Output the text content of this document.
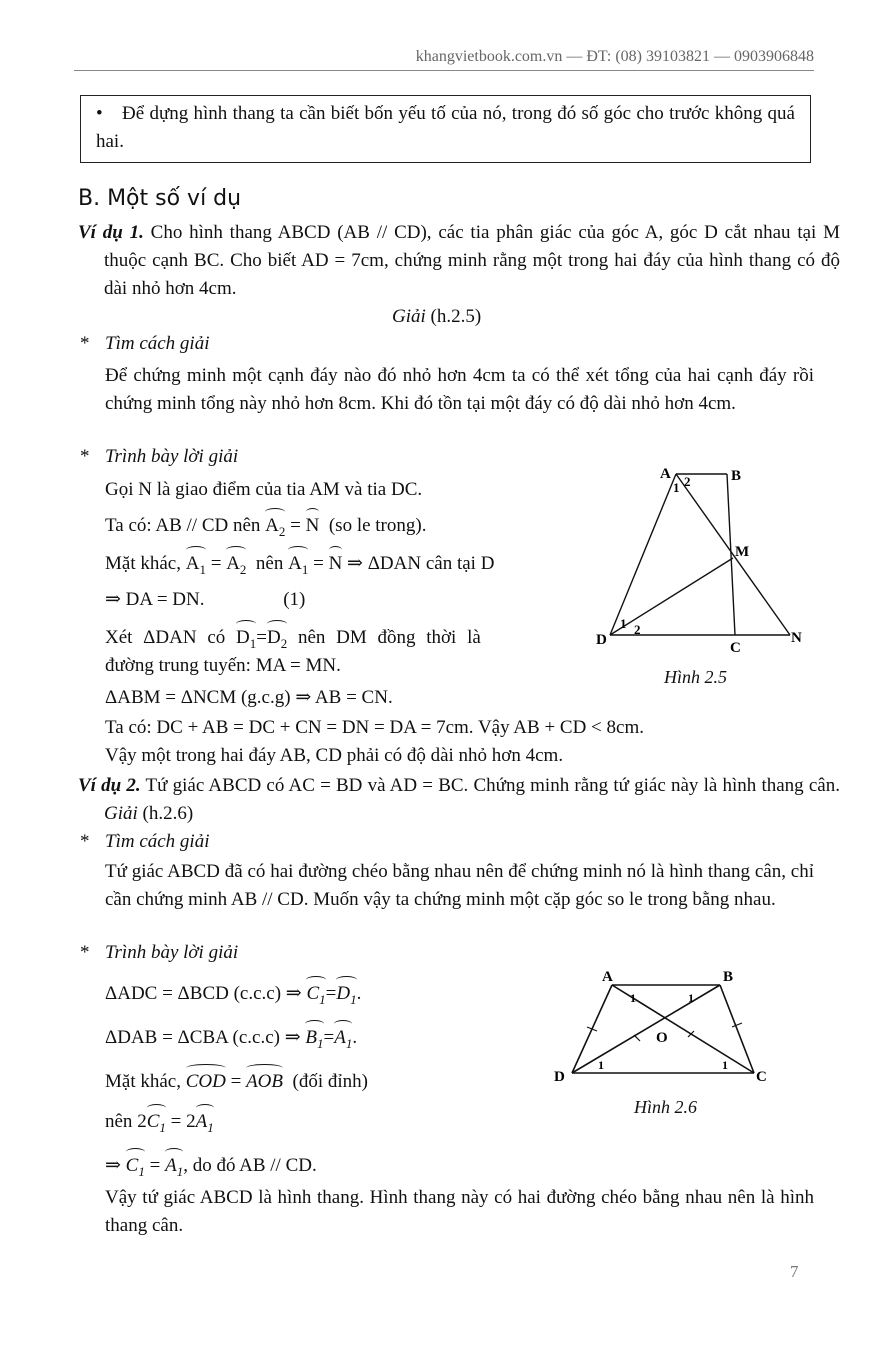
khangvietbook.com.vn — ĐT: (08) 39103821 — 0903906848
• Để dựng hình thang ta cần biết bốn yếu tố của nó, trong đó số góc cho trước không quá hai.
B. Một số ví dụ
Ví dụ 1. Cho hình thang ABCD (AB // CD), các tia phân giác của góc A, góc D cắt nhau tại M thuộc cạnh BC. Cho biết AD = 7cm, chứng minh rằng một trong hai đáy của hình thang có độ dài nhỏ hơn 4cm.
Giải (h.2.5)
* Tìm cách giải
Để chứng minh một cạnh đáy nào đó nhỏ hơn 4cm ta có thể xét tổng của hai cạnh đáy rồi chứng minh tổng này nhỏ hơn 8cm. Khi đó tồn tại một đáy có độ dài nhỏ hơn 4cm.
* Trình bày lời giải
Gọi N là giao điểm của tia AM và tia DC.
Ta có: AB // CD nên $A_2 = N$ (so le trong).
Mặt khác, $A_1 = A_2$ nên $A_1 = N$ ⇒ ΔDAN cân tại D
⇒ DA = DN.	(1)
Xét ΔDAN có $D_1=D_2$ nên DM đồng thời là
đường trung tuyến: MA = MN.
ΔABM = ΔNCM (g.c.g) ⇒ AB = CN.
Ta có: DC + AB = DC + CN = DN = DA = 7cm. Vậy AB + CD < 8cm.
Vậy một trong hai đáy AB, CD phải có độ dài nhỏ hơn 4cm.
A	B
M
D	C
N
1 2
1 2
Hình 2.5
Ví dụ 2. Tứ giác ABCD có AC = BD và AD = BC. Chứng minh rằng tứ giác này là hình thang cân. Giải (h.2.6)
* Tìm cách giải
Tứ giác ABCD đã có hai đường chéo bằng nhau nên để chứng minh nó là hình thang cân, chỉ cần chứng minh AB // CD. Muốn vậy ta chứng minh một cặp góc so le trong bằng nhau.
* Trình bày lời giải
ΔADC = ΔBCD (c.c.c) ⇒ $C_1=D_1$.
ΔDAB = ΔCBA (c.c.c) ⇒ $B_1=A_1$.
Mặt khác, COD = AOB (đối đỉnh)
nên $2C_1 = 2A_1$
⇒ $C_1 = A_1$, do đó AB // CD.
Vậy tứ giác ABCD là hình thang. Hình thang này có hai đường chéo bằng nhau nên là hình thang cân.
A	B
D	C
O
1	1
1	1
Hình 2.6
7
